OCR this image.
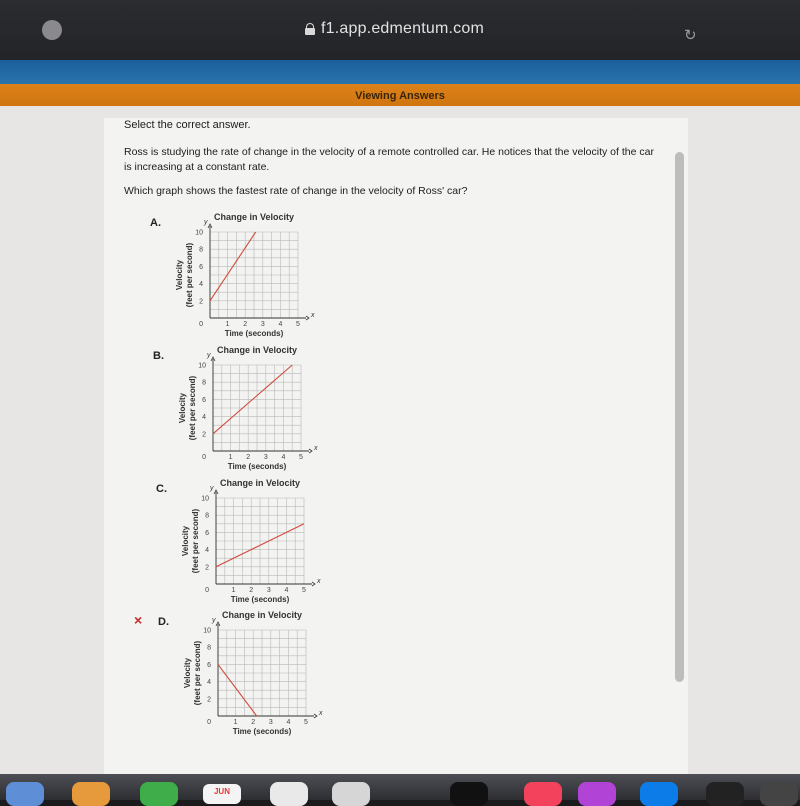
f1.app.edmentum.com	↻
Viewing Answers
Select the correct answer.
Ross is studying the rate of change in the velocity of a remote controlled car. He notices that the velocity of the car is increasing at a constant rate.
Which graph shows the fastest rate of change in the velocity of Ross' car?
A.
B.
C.
× D.
Change in Velocity
x
y
2
4
6
8
10
0	1 2 3 4 5
Time (seconds)
Velocity (feet per second)
Change in Velocity
x
y
2
4
6
8
10
0	1 2 3 4 5
Time (seconds)
Velocity (feet per second)
Change in Velocity
x
y
2
4
6
8
10
0	1 2 3 4 5
Time (seconds)
Velocity (feet per second)
Change in Velocity
x
y
2
4
6
8
10
0	1 2 3 4 5
Time (seconds)
Velocity (feet per second)
JUN
